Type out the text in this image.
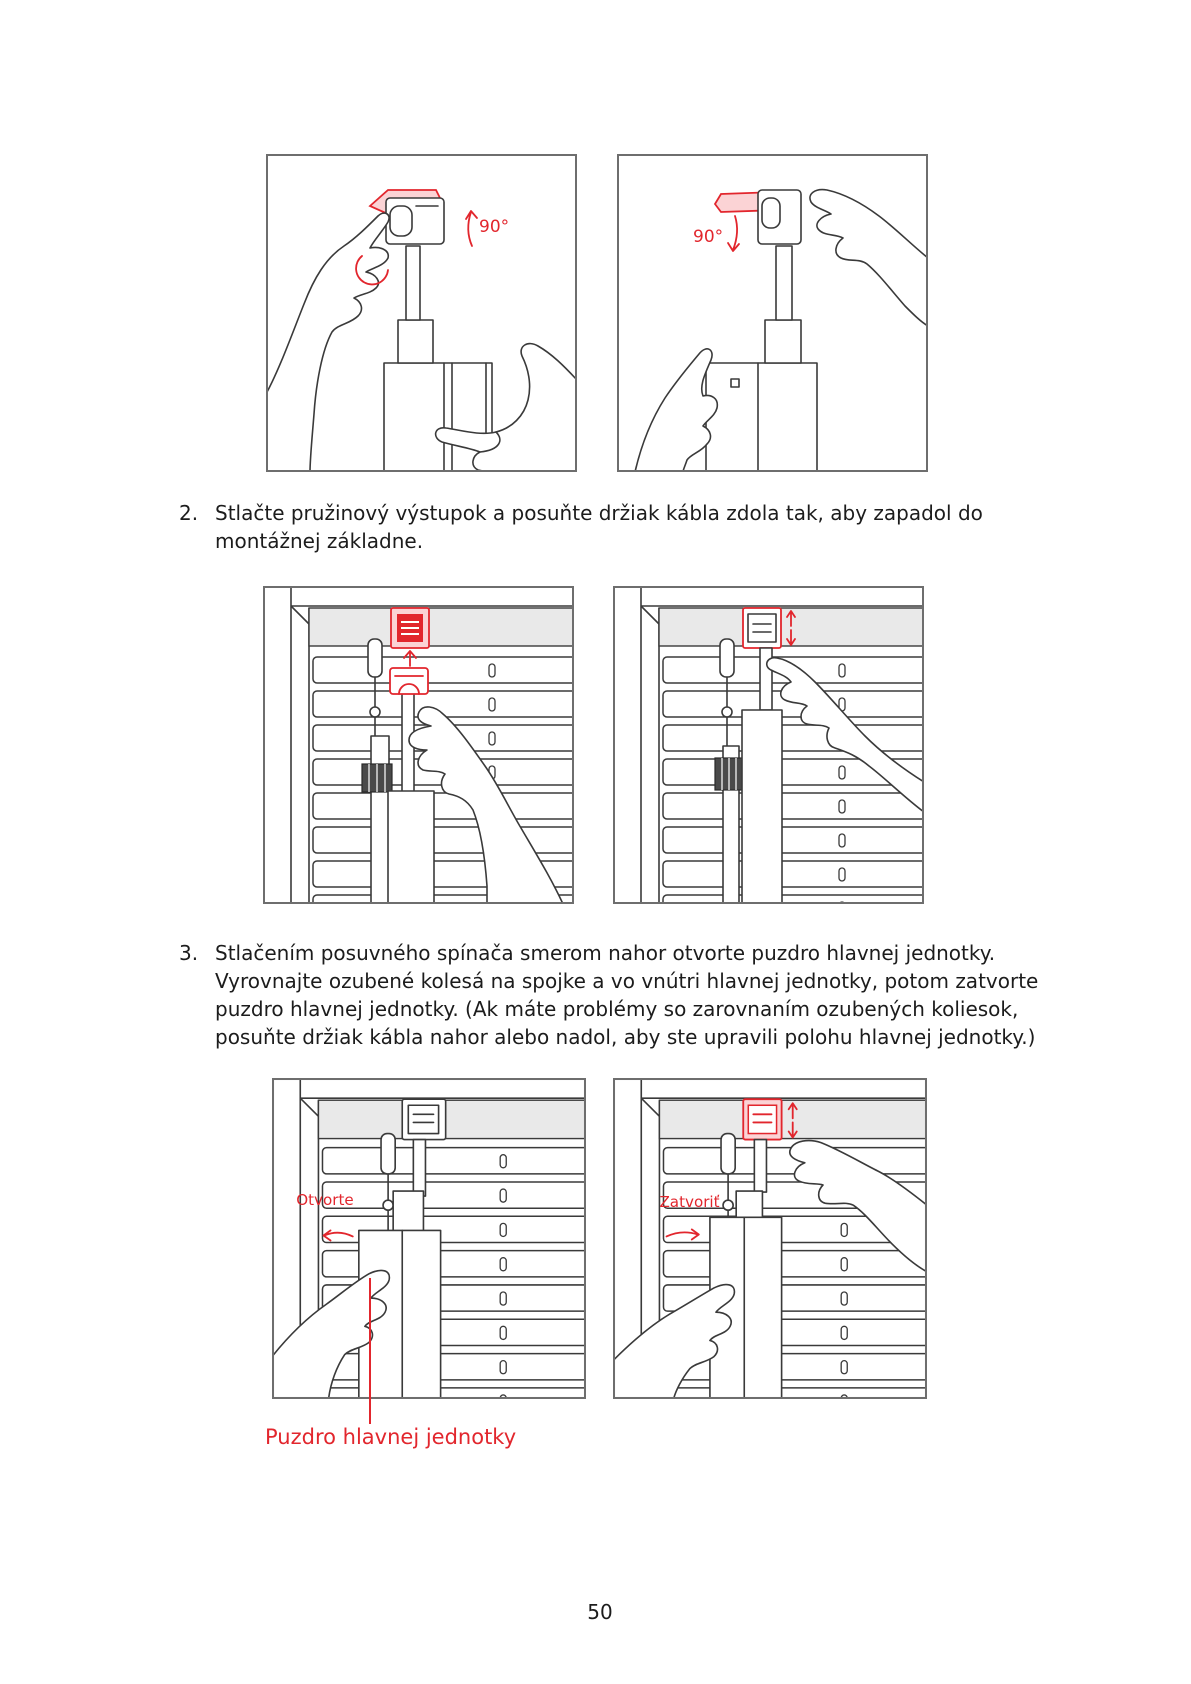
90°	90°
2. Stlačte pružinový výstupok a posuňte držiak kábla zdola tak, aby zapadol do
montážnej základne.
3. Stlačením posuvného spínača smerom nahor otvorte puzdro hlavnej jednotky.
Vyrovnajte ozubené kolesá na spojke a vo vnútri hlavnej jednotky, potom zatvorte
puzdro hlavnej jednotky. (Ak máte problémy so zarovnaním ozubených koliesok,
posuňte držiak kábla nahor alebo nadol, aby ste upravili polohu hlavnej jednotky.)
Otvorte	Zatvoriť
Puzdro hlavnej jednotky
50
